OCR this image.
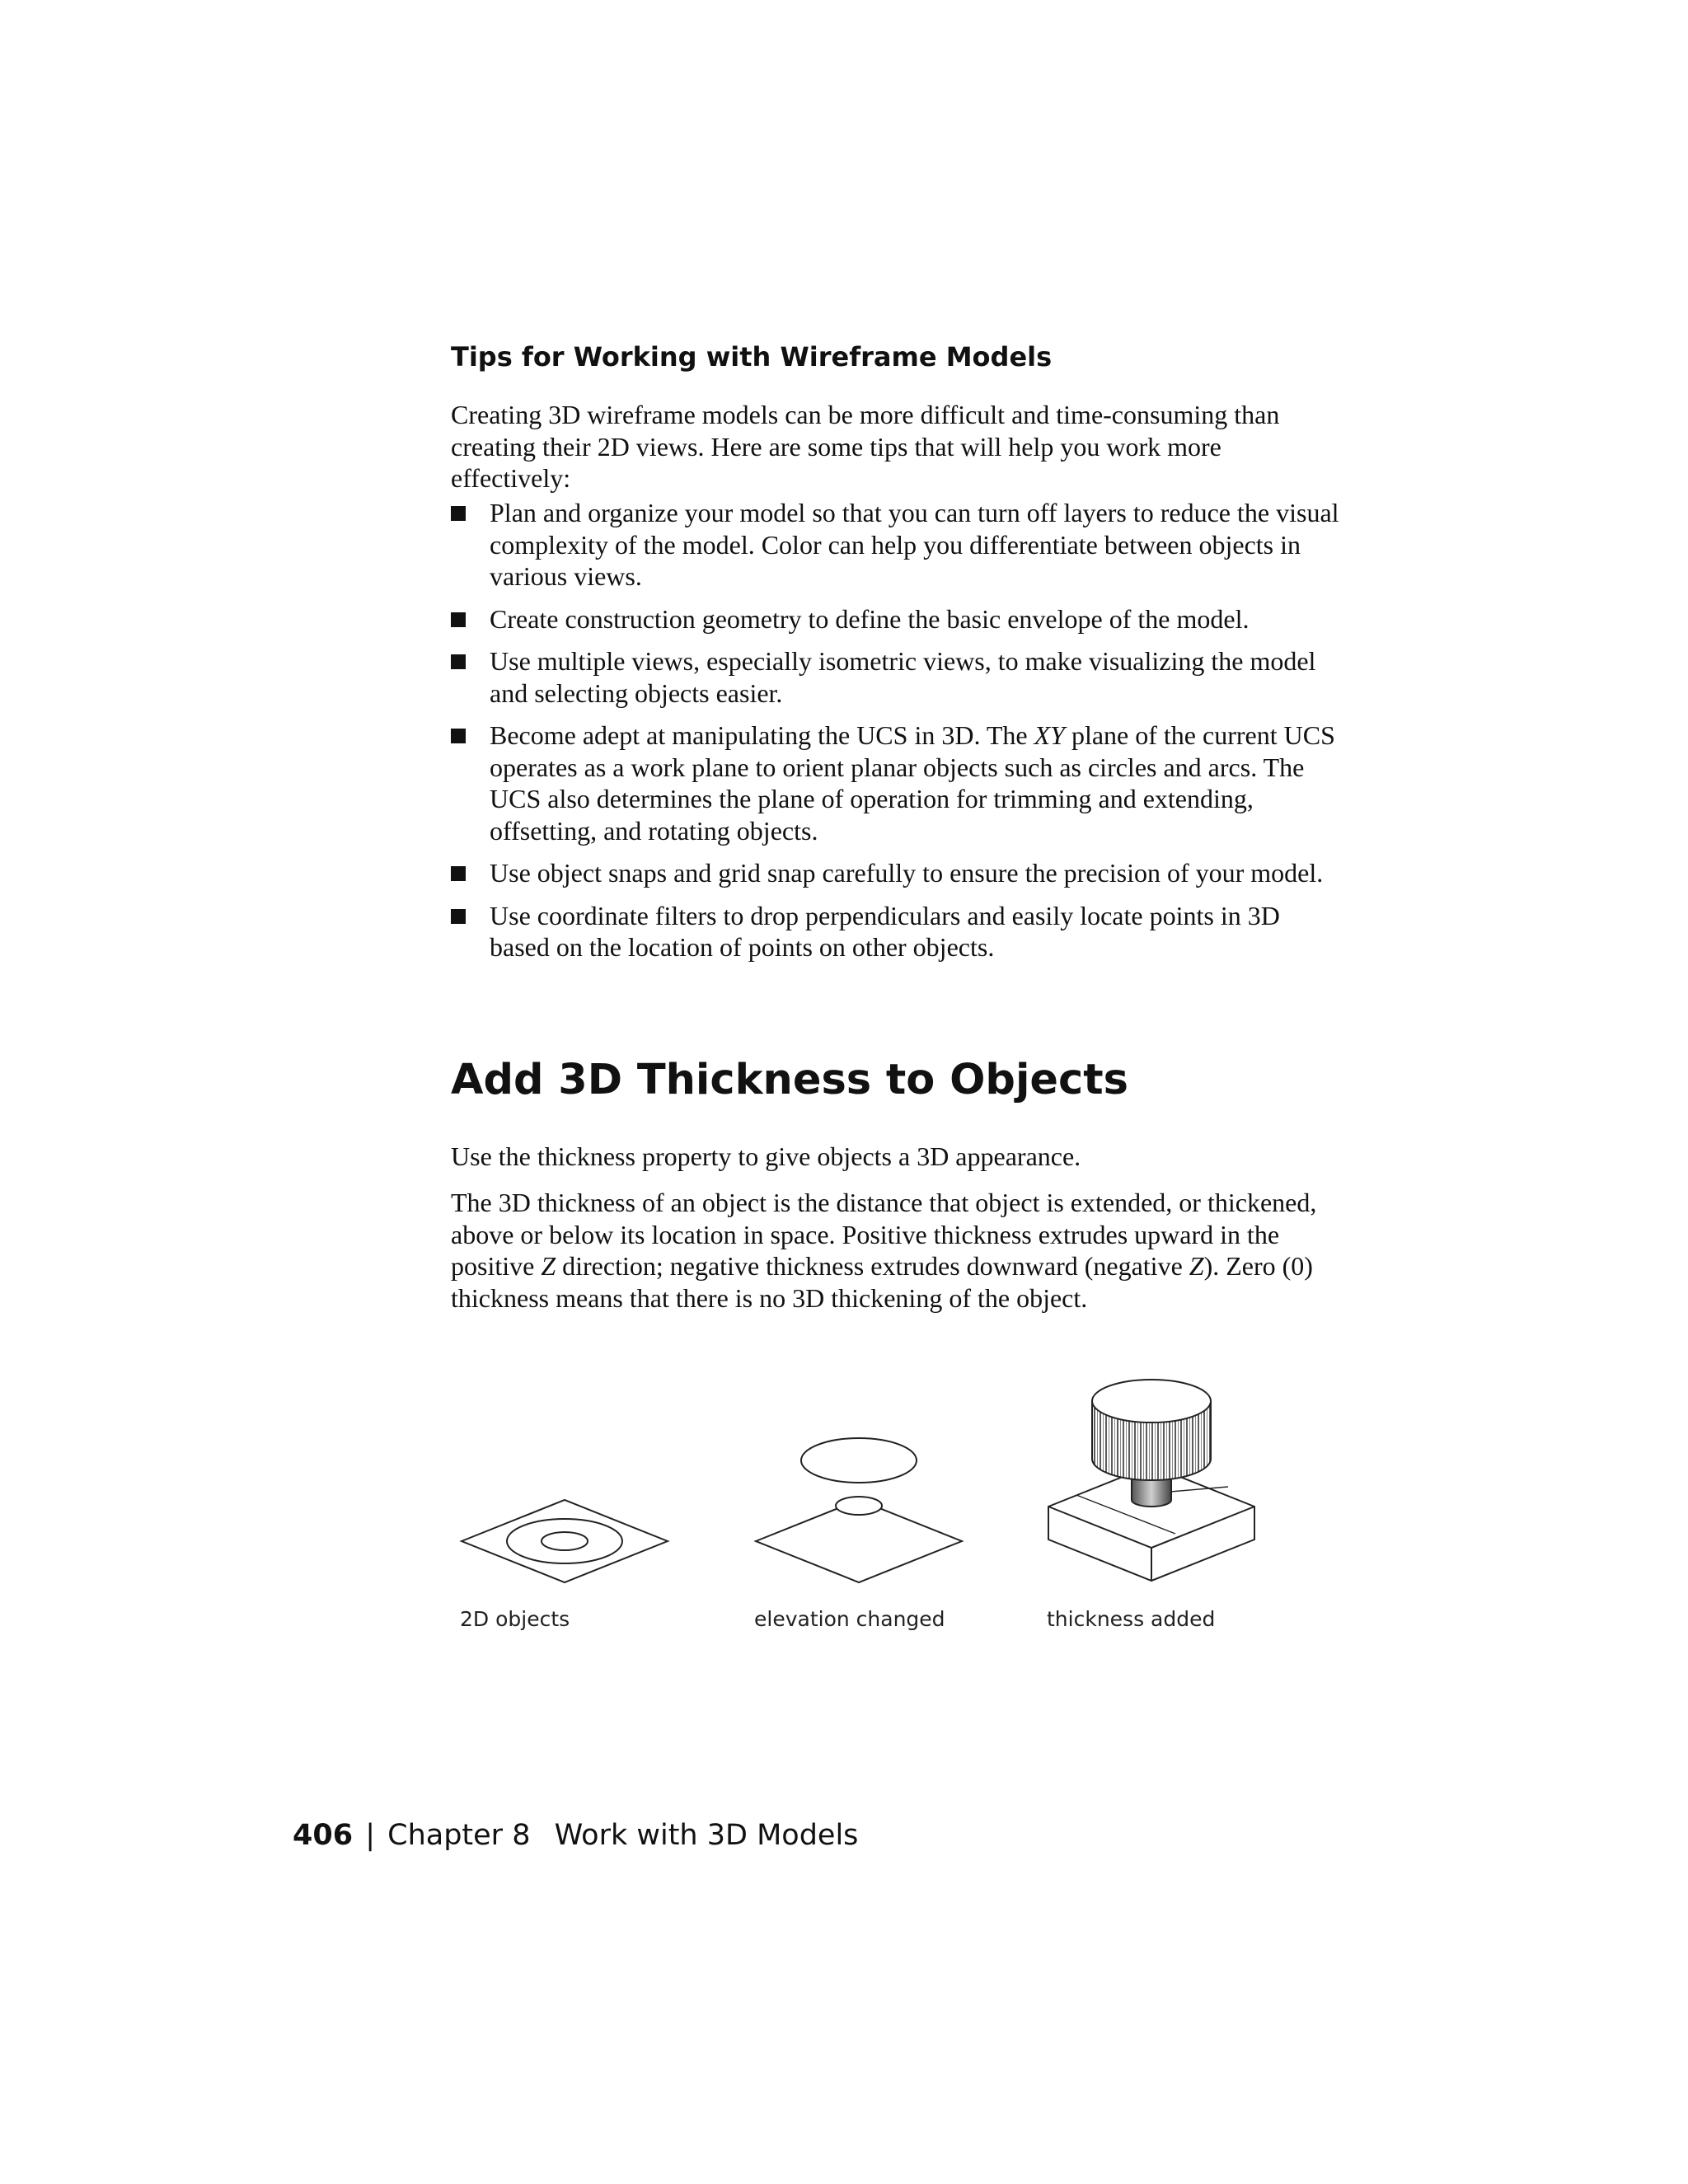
Tips for Working with Wireframe Models

Creating 3D wireframe models can be more difficult and time-consuming than creating their 2D views. Here are some tips that will help you work more effectively:

Plan and organize your model so that you can turn off layers to reduce the visual complexity of the model. Color can help you differentiate between objects in various views.
Create construction geometry to define the basic envelope of the model.
Use multiple views, especially isometric views, to make visualizing the model and selecting objects easier.
Become adept at manipulating the UCS in 3D. The XY plane of the current UCS operates as a work plane to orient planar objects such as circles and arcs. The UCS also determines the plane of operation for trimming and extending, offsetting, and rotating objects.
Use object snaps and grid snap carefully to ensure the precision of your model.
Use coordinate filters to drop perpendiculars and easily locate points in 3D based on the location of points on other objects.
Add 3D Thickness to Objects

Use the thickness property to give objects a 3D appearance.

The 3D thickness of an object is the distance that object is extended, or thickened, above or below its location in space. Positive thickness extrudes upward in the positive Z direction; negative thickness extrudes downward (negative Z). Zero (0) thickness means that there is no 3D thickening of the object.

2D objects	elevation changed	thickness added
406 | Chapter 8 Work with 3D Models
